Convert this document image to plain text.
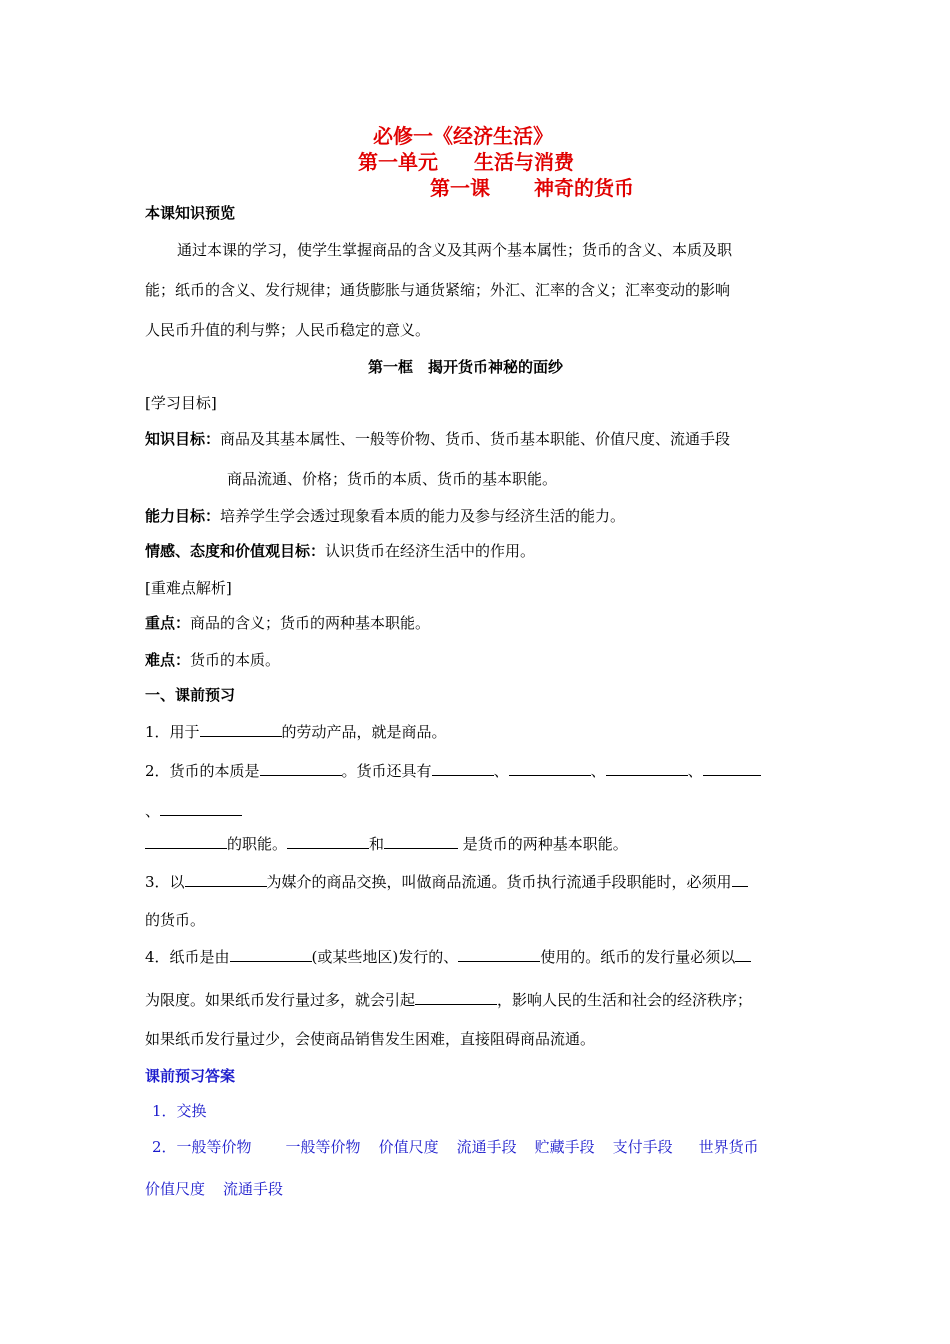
必修一《经济生活》
第一单元 生活与消费
第一课 神奇的货币
本课知识预览
通过本课的学习，使学生掌握商品的含义及其两个基本属性；货币的含义、本质及职
能；纸币的含义、发行规律；通货膨胀与通货紧缩；外汇、汇率的含义；汇率变动的影响
人民币升值的利与弊；人民币稳定的意义。
第一框　揭开货币神秘的面纱
[学习目标]
知识目标：商品及其基本属性、一般等价物、货币、货币基本职能、价值尺度、流通手段
商品流通、价格；货币的本质、货币的基本职能。
能力目标：培养学生学会透过现象看本质的能力及参与经济生活的能力。
情感、态度和价值观目标：认识货币在经济生活中的作用。
[重难点解析]
重点：商品的含义；货币的两种基本职能。
难点：货币的本质。
一、课前预习
1．用于	的劳动产品，就是商品。
2．货币的本质是	。货币还具有	、	、	、
、
的职能。	和	是货币的两种基本职能。
3．以	为媒介的商品交换，叫做商品流通。货币执行流通手段职能时，必须用
的货币。
4．纸币是由	(或某些地区)发行的、	使用的。纸币的发行量必须以
为限度。如果纸币发行量过多，就会引起	，影响人民的生活和社会的经济秩序；
如果纸币发行量过少，会使商品销售发生困难，直接阻碍商品流通。
课前预习答案
1．交换
2．一般等价物 一般等价物 价值尺度 流通手段 贮藏手段 支付手段 世界货币
价值尺度 流通手段
